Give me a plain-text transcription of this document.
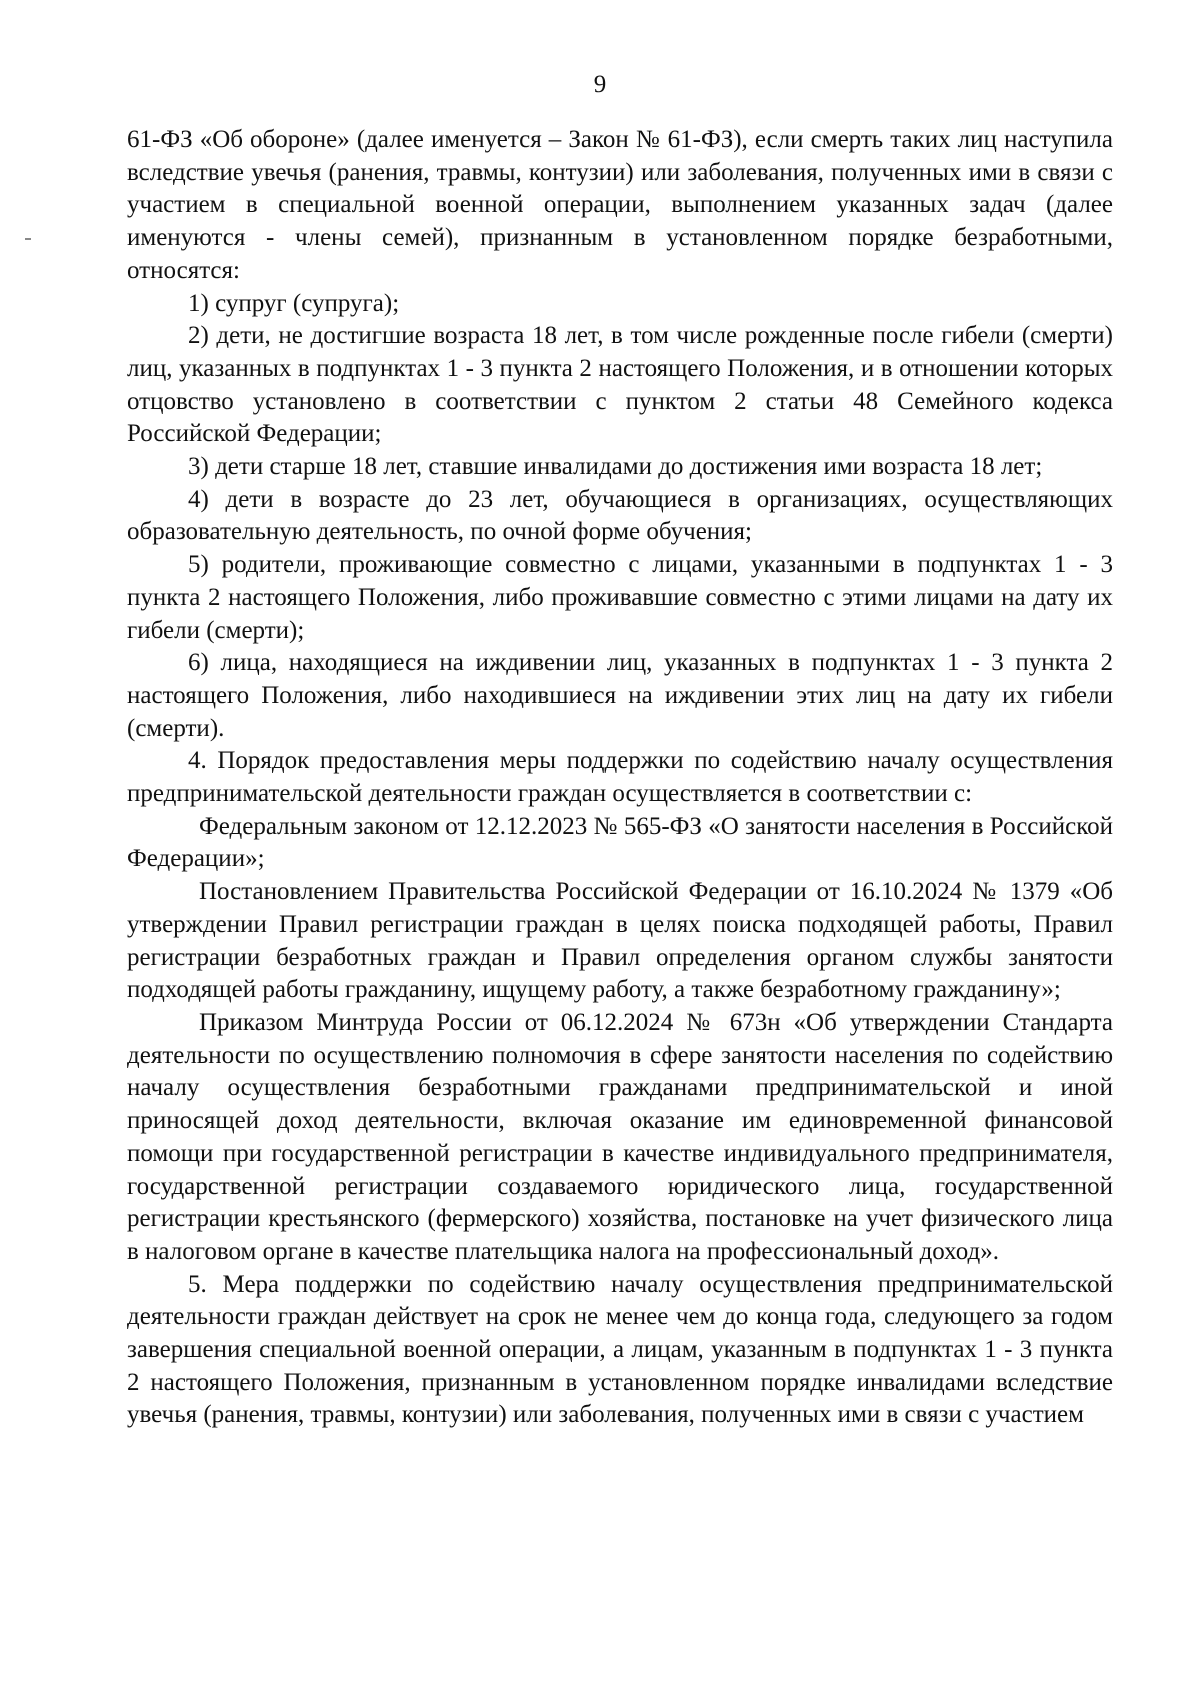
9

61-ФЗ «Об обороне» (далее именуется – Закон № 61-ФЗ), если смерть таких лиц наступила вследствие увечья (ранения, травмы, контузии) или заболевания, полученных ими в связи с участием в специальной военной операции, выполнением указанных задач (далее именуются - члены семей), признанным в установленном порядке безработными, относятся:

1) супруг (супруга);

2) дети, не достигшие возраста 18 лет, в том числе рожденные после гибели (смерти) лиц, указанных в подпунктах 1 - 3 пункта 2 настоящего Положения, и в отношении которых отцовство установлено в соответствии с пунктом 2 статьи 48 Семейного кодекса Российской Федерации;

3) дети старше 18 лет, ставшие инвалидами до достижения ими возраста 18 лет;

4) дети в возрасте до 23 лет, обучающиеся в организациях, осуществляющих образовательную деятельность, по очной форме обучения;

5) родители, проживающие совместно с лицами, указанными в подпунктах 1 - 3 пункта 2 настоящего Положения, либо проживавшие совместно с этими лицами на дату их гибели (смерти);

6) лица, находящиеся на иждивении лиц, указанных в подпунктах 1 - 3 пункта 2 настоящего Положения, либо находившиеся на иждивении этих лиц на дату их гибели (смерти).

4. Порядок предоставления меры поддержки по содействию началу осуществления предпринимательской деятельности граждан осуществляется в соответствии с:

Федеральным законом от 12.12.2023 № 565-ФЗ «О занятости населения в Российской Федерации»;

Постановлением Правительства Российской Федерации от 16.10.2024 № 1379 «Об утверждении Правил регистрации граждан в целях поиска подходящей работы, Правил регистрации безработных граждан и Правил определения органом службы занятости подходящей работы гражданину, ищущему работу, а также безработному гражданину»;

Приказом Минтруда России от 06.12.2024 № 673н «Об утверждении Стандарта деятельности по осуществлению полномочия в сфере занятости населения по содействию началу осуществления безработными гражданами предпринимательской и иной приносящей доход деятельности, включая оказание им единовременной финансовой помощи при государственной регистрации в качестве индивидуального предпринимателя, государственной регистрации создаваемого юридического лица, государственной регистрации крестьянского (фермерского) хозяйства, постановке на учет физического лица в налоговом органе в качестве плательщика налога на профессиональный доход».

5. Мера поддержки по содействию началу осуществления предпринимательской деятельности граждан действует на срок не менее чем до конца года, следующего за годом завершения специальной военной операции, а лицам, указанным в подпунктах 1 - 3 пункта 2 настоящего Положения, признанным в установленном порядке инвалидами вследствие увечья (ранения, травмы, контузии) или заболевания, полученных ими в связи с участием
